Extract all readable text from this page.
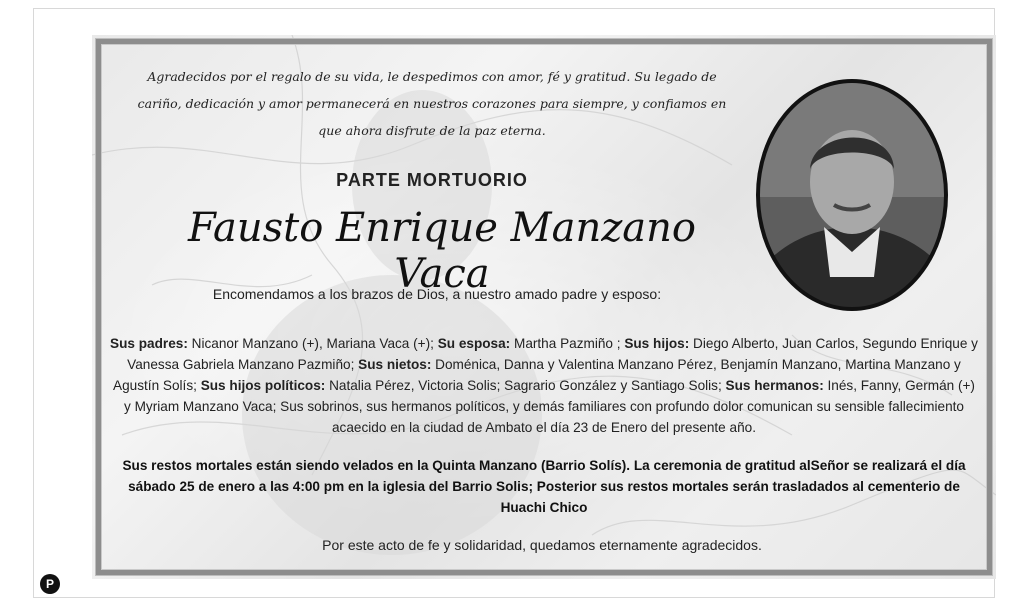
Agradecidos por el regalo de su vida, le despedimos con amor, fé y gratitud. Su legado de cariño, dedicación y amor permanecerá en nuestros corazones para siempre, y confiamos en que ahora disfrute de la paz eterna.
PARTE MORTUORIO
Fausto Enrique Manzano Vaca
Encomendamos a los brazos de Dios, a nuestro amado padre y esposo:
Sus padres: Nicanor Manzano (+), Mariana Vaca (+); Su esposa: Martha Pazmiño ; Sus hijos: Diego Alberto, Juan Carlos, Segundo Enrique y Vanessa Gabriela Manzano Pazmiño; Sus nietos: Doménica, Danna y Valentina Manzano Pérez, Benjamín Manzano, Martina Manzano y Agustín Solís; Sus hijos políticos: Natalia Pérez, Victoria Solis; Sagrario González y Santiago Solis; Sus hermanos: Inés, Fanny, Germán (+) y Myriam Manzano Vaca; Sus sobrinos, sus hermanos políticos, y demás familiares con profundo dolor comunican su sensible fallecimiento acaecido en la ciudad de Ambato el día 23 de Enero del presente año.
Sus restos mortales están siendo velados en la Quinta Manzano (Barrio Solís). La ceremonia de gratitud alSeñor se realizará el día sábado 25 de enero a las 4:00 pm en la iglesia del Barrio Solis; Posterior sus restos mortales serán trasladados al cementerio de Huachi Chico
Por este acto de fe y solidaridad, quedamos eternamente agradecidos.
P
